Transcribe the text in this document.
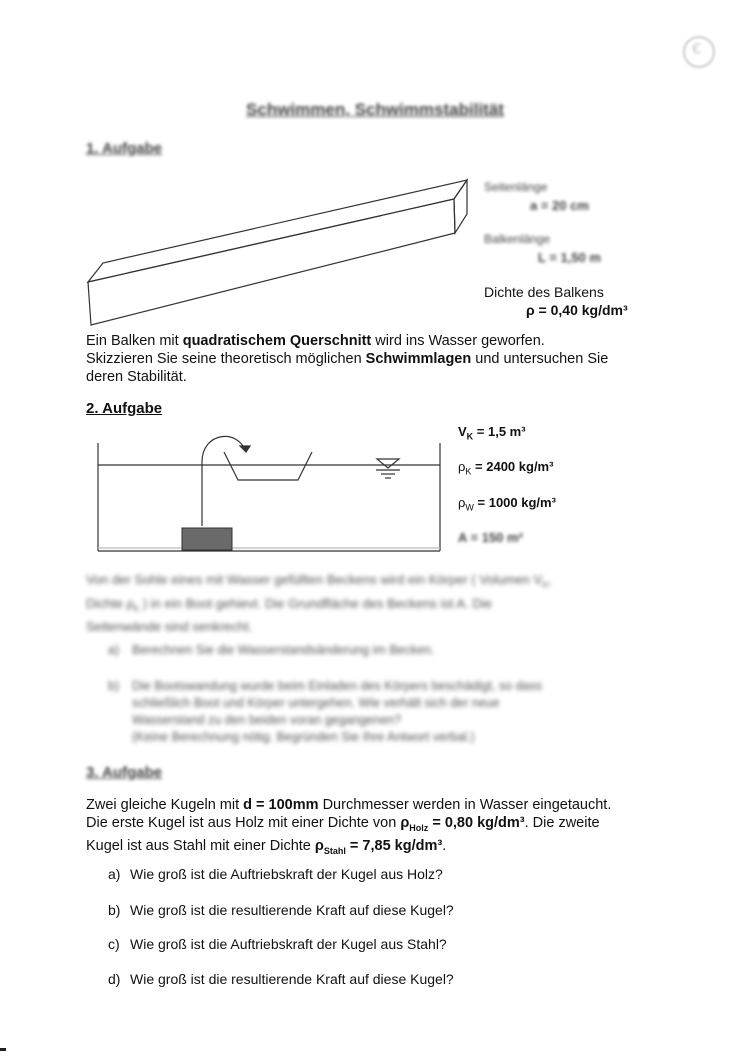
€
Schwimmen, Schwimmstabilität
1. Aufgabe
Seitenlänge
a = 20 cm
Balkenlänge
L = 1,50 m
Dichte des Balkens
ρ = 0,40 kg/dm³
Ein Balken mit quadratischem Querschnitt wird ins Wasser geworfen.
Skizzieren Sie seine theoretisch möglichen Schwimmlagen und untersuchen Sie
deren Stabilität.
2. Aufgabe
$V_K = 1,5$ m³
$\rho_K = 2400$ kg/m³
$\rho_W = 1000$ kg/m³
A = 150 m²
Von der Sohle eines mit Wasser gefüllten Beckens wird ein Körper ( Volumen $V_K$,
Dichte $\rho_K$ ) in ein Boot gehievt. Die Grundfläche des Beckens ist A. Die
Seitenwände sind senkrecht.
a) Berechnen Sie die Wasserstandsänderung im Becken.
b) Die Bootswandung wurde beim Einladen des Körpers beschädigt, so dass
schließlich Boot und Körper untergehen. Wie verhält sich der neue
Wasserstand zu den beiden voran gegangenen?
(Keine Berechnung nötig. Begründen Sie Ihre Antwort verbal.)
3. Aufgabe
Zwei gleiche Kugeln mit d = 100mm Durchmesser werden in Wasser eingetaucht.
Die erste Kugel ist aus Holz mit einer Dichte von $\rho_{Holz} = 0,80$ kg/dm³. Die zweite
Kugel ist aus Stahl mit einer Dichte $\rho_{Stahl} = 7,85$ kg/dm³.
a) Wie groß ist die Auftriebskraft der Kugel aus Holz?
b) Wie groß ist die resultierende Kraft auf diese Kugel?
c) Wie groß ist die Auftriebskraft der Kugel aus Stahl?
d) Wie groß ist die resultierende Kraft auf diese Kugel?
